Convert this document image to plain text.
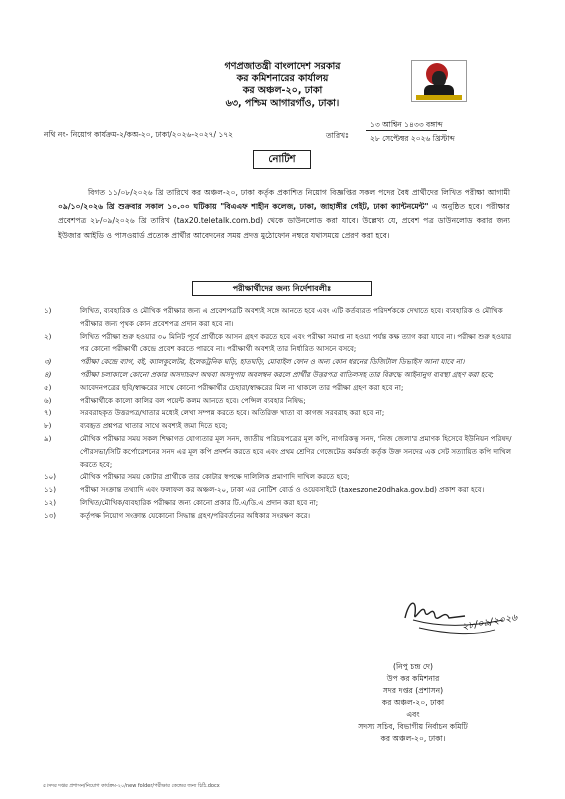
গণপ্রজাতন্ত্রী বাংলাদেশ সরকার
কর কমিশনারের কার্যালয়
কর অঞ্চল-২০, ঢাকা
৬৩, পশ্চিম আগারগাঁও, ঢাকা।
নথি নং- নিয়োগ কার্যক্রম-২/কঅ-২০, ঢাকা/২০২৬-২০২৭/ ১৭২	তারিখঃ
১৩ আশ্বিন ১৪৩৩ বঙ্গাব্দ
২৮ সেপ্টেম্বর ২০২৬ খ্রিস্টাব্দ
নোটিশ
বিগত ১১/০৮/২০২৬ খ্রি তারিখে কর অঞ্চল-২০, ঢাকা কর্তৃক প্রকাশিত নিয়োগ বিজ্ঞপ্তির সকল পদের বৈধ প্রার্থীদের লিখিত পরীক্ষা আগামী ০৯/১০/২০২৬ খ্রি শুক্রবার সকাল ১০.০০ ঘটিকায় "বিএএফ শাহীন কলেজ, ঢাকা, জাহাঙ্গীর গেইট, ঢাকা ক্যান্টনমেন্ট" এ অনুষ্ঠিত হবে। পরীক্ষার প্রবেশপত্র ২৮/০৯/২০২৬ খ্রি তারিখ (tax20.teletalk.com.bd) থেকে ডাউনলোড করা যাবে। উল্লেখ্য যে, প্রবেশ পত্র ডাউনলোড করার জন্য ইউজার আইডি ও পাসওয়ার্ড প্রত্যেক প্রার্থীর আবেদনের সময় প্রদত্ত মুঠোফোন নম্বরে যথাসময়ে প্রেরণ করা হবে।
পরীক্ষার্থীদের জন্য নির্দেশাবলীঃ
১)	লিখিত, ব্যবহারিক ও মৌখিক পরীক্ষার জন্য এ প্রবেশপত্রটি অবশ্যই সঙ্গে আনতে হবে এবং এটি কর্তব্যরত পরিদর্শককে দেখাতে হবে। ব্যবহারিক ও মৌখিক পরীক্ষার জন্য পৃথক কোন প্রবেশপত্র প্রদান করা হবে না।
২)	লিখিত পরীক্ষা শুরু হওয়ার ৩০ মিনিট পূর্বে প্রার্থীকে আসন গ্রহণ করতে হবে এবং পরীক্ষা সমাপ্ত না হওয়া পর্যন্ত কক্ষ ত্যাগ করা যাবে না। পরীক্ষা শুরু হওয়ার পর কোনো পরীক্ষার্থী কেন্দ্রে প্রবেশ করতে পারবে না। পরীক্ষার্থী অবশ্যই তার নির্ধারিত আসনে বসবে;
৩)	পরীক্ষা কেন্দ্রে ব্যাগ, বই, ক্যালকুলেটর, ইলেকট্রনিক ঘড়ি, হাতঘড়ি, মোবাইল ফোন ও অন্য কোন ধরনের ডিজিটাল ডিভাইস আনা যাবে না।
৪)	পরীক্ষা চলাকালে কোনো প্রকার অসদাচরণ অথবা অসদুপায় অবলম্বন করলে প্রার্থীর উত্তরপত্র বাতিলসহ তার বিরুদ্ধে আইনানুগ ব্যবস্থা গ্রহণ করা হবে;
৫)	আবেদনপত্রের ছবি/স্বাক্ষরের সাথে কোনো পরীক্ষার্থীর চেহারা/স্বাক্ষরের মিল না থাকলে তার পরীক্ষা গ্রহণ করা হবে না;
৬)	পরীক্ষার্থীকে কালো কালির বল পয়েন্ট কলম আনতে হবে। পেন্সিল ব্যবহার নিষিদ্ধ;
৭)	সরবরাহকৃত উত্তরপত্র/খাতার মধ্যেই লেখা সম্পন্ন করতে হবে। অতিরিক্ত খাতা বা কাগজ সরবরাহ করা হবে না;
৮)	ব্যবহৃত প্রশ্নপত্র খাতার সাথে অবশ্যই জমা দিতে হবে;
৯)	মৌখিক পরীক্ষার সময় সকল শিক্ষাগত যোগ্যতার মূল সনদ, জাতীয় পরিচয়পত্রের মূল কপি, নাগরিকত্ব সনদ, 'নিজ জেলা'র প্রমাণক হিসেবে ইউনিয়ন পরিষদ/পৌরসভা/সিটি কর্পোরেশনের সনদ এর মূল কপি প্রদর্শন করতে হবে এবং প্রথম শ্রেণির গেজেটেড কর্মকর্তা কর্তৃক উক্ত সনদের এক সেট সত্যায়িত কপি দাখিল করতে হবে;
১০)	মৌখিক পরীক্ষার সময় কোটার প্রার্থীকে তার কোটার স্বপক্ষে দালিলিক প্রমাণাদি দাখিল করতে হবে;
১১)	পরীক্ষা সংক্রান্ত তথ্যাদি এবং ফলাফল কর অঞ্চল-২০, ঢাকা এর নোটিশ বোর্ড ও ওয়েবসাইটে (taxeszone20dhaka.gov.bd) প্রকাশ করা হবে।
১২)	লিখিত/মৌখিক/ব্যবহারিক পরীক্ষার জন্য কোনো প্রকার টি.এ/ডি.এ প্রদান করা হবে না;
১৩)	কর্তৃপক্ষ নিয়োগ সংক্রান্ত যেকোনো সিদ্ধান্ত গ্রহণ/পরিবর্তনের অধিকার সংরক্ষণ করে।
২৮/০৯/২০২৬
(নিপু চন্দ্র দে)
উপ কর কমিশনার
সদর দপ্তর (প্রশাসন)
কর অঞ্চল-২০, ঢাকা
এবং
সদস্য সচিব, বিভাগীয় নির্বাচন কমিটি
কর অঞ্চল-২০, ঢাকা।
৫।সদর দপ্তর প্রশাসন/নিয়োগ কার্যক্রম-২০/new folder/পরীক্ষার কেন্দ্রের জন্য চিঠি.docx
